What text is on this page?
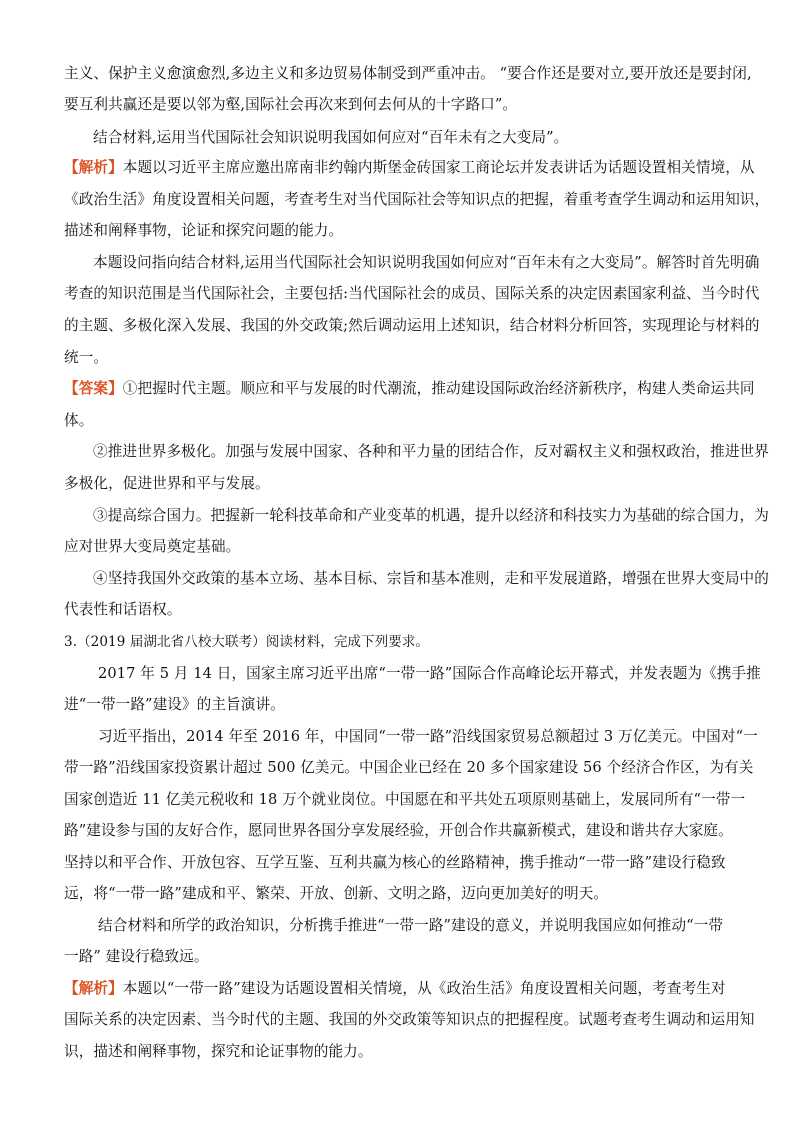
主义、保护主义愈演愈烈,多边主义和多边贸易体制受到严重冲击。 “要合作还是要对立,要开放还是要封闭,
要互利共赢还是要以邻为壑,国际社会再次来到何去何从的十字路口”。
结合材料,运用当代国际社会知识说明我国如何应对“百年未有之大变局”。
【解析】本题以习近平主席应邀出席南非约翰内斯堡金砖国家工商论坛并发表讲话为话题设置相关情境，从
《政治生活》角度设置相关问题，考查考生对当代国际社会等知识点的把握，着重考查学生调动和运用知识，
描述和阐释事物，论证和探究问题的能力。
本题设问指向结合材料,运用当代国际社会知识说明我国如何应对“百年未有之大变局”。解答时首先明确
考查的知识范围是当代国际社会，主要包括:当代国际社会的成员、国际关系的决定因素国家利益、当今时代
的主题、多极化深入发展、我国的外交政策;然后调动运用上述知识，结合材料分析回答，实现理论与材料的
统一。
【答案】①把握时代主题。顺应和平与发展的时代潮流，推动建设国际政治经济新秩序，构建人类命运共同
体。
②推进世界多极化。加强与发展中国家、各种和平力量的团结合作，反对霸权主义和强权政治，推进世界
多极化，促进世界和平与发展。
③提高综合国力。把握新一轮科技革命和产业变革的机遇，提升以经济和科技实力为基础的综合国力，为
应对世界大变局奠定基础。
④坚持我国外交政策的基本立场、基本目标、宗旨和基本准则，走和平发展道路，增强在世界大变局中的
代表性和话语权。
3.（2019 届湖北省八校大联考）阅读材料，完成下列要求。
2017 年 5 月 14 日，国家主席习近平出席“一带一路”国际合作高峰论坛开幕式，并发表题为《携手推
进“一带一路”建设》的主旨演讲。
习近平指出，2014 年至 2016 年，中国同“一带一路”沿线国家贸易总额超过 3 万亿美元。中国对“一
带一路”沿线国家投资累计超过 500 亿美元。中国企业已经在 20 多个国家建设 56 个经济合作区，为有关
国家创造近 11 亿美元税收和 18 万个就业岗位。中国愿在和平共处五项原则基础上，发展同所有“一带一
路”建设参与国的友好合作，愿同世界各国分享发展经验，开创合作共赢新模式，建设和谐共存大家庭。
坚持以和平合作、开放包容、互学互鉴、互利共赢为核心的丝路精神，携手推动“一带一路”建设行稳致
远，将“一带一路”建成和平、繁荣、开放、创新、文明之路，迈向更加美好的明天。
结合材料和所学的政治知识，分析携手推进“一带一路”建设的意义，并说明我国应如何推动“一带
一路” 建设行稳致远。
【解析】本题以“一带一路”建设为话题设置相关情境，从《政治生活》角度设置相关问题，考查考生对
国际关系的决定因素、当今时代的主题、我国的外交政策等知识点的把握程度。试题考查考生调动和运用知
识，描述和阐释事物，探究和论证事物的能力。
